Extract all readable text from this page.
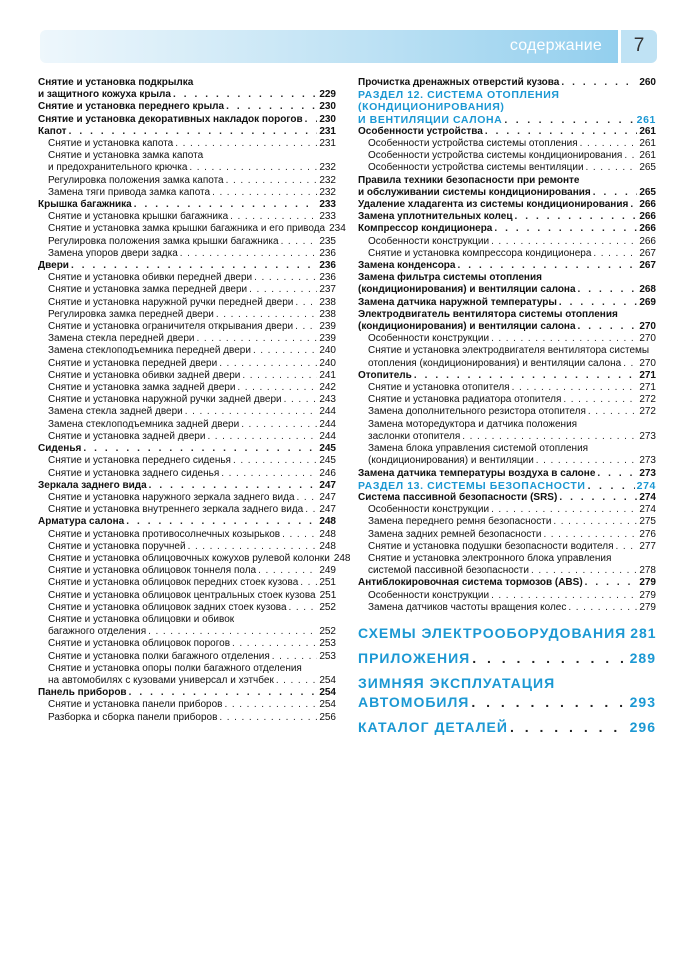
содержание	7
Снятие и установка подкрылка
и защитного кожуха крыла . . .	229
Снятие и установка переднего крыла . . .	230
Снятие и установка декоративных накладок порогов . . . 230
Капот . . .	231
Снятие и установка капота . . .	231
Снятие и установка замка капота
и предохранительного крючка . . .	232
Регулировка положения замка капота . . .	232
Замена тяги привода замка капота . . .	232
Крышка багажника . . .	233
Снятие и установка крышки багажника . . .	233
Снятие и установка замка крышки багажника и его привода 234
Регулировка положения замка крышки багажника . . .	235
Замена упоров двери задка . . .	236
Двери . . .	236
Снятие и установка обивки передней двери . . .	236
Снятие и установка замка передней двери . . .	237
Снятие и установка наружной ручки передней двери . . .	238
Регулировка замка передней двери . . .	238
Снятие и установка ограничителя открывания двери . . .	239
Замена стекла передней двери . . .	239
Замена стеклоподъемника передней двери . . .	240
Снятие и установка передней двери . . .	240
Снятие и установка обивки задней двери . . .	241
Снятие и установка замка задней двери . . .	242
Снятие и установка наружной ручки задней двери . . .	243
Замена стекла задней двери . . .	244
Замена стеклоподъемника задней двери . . .	244
Снятие и установка задней двери . . .	244
Сиденья . . .	245
Снятие и установка переднего сиденья . . .	245
Снятие и установка заднего сиденья . . .	246
Зеркала заднего вида . . .	247
Снятие и установка наружного зеркала заднего вида . . . 247
Снятие и установка внутреннего зеркала заднего вида . . . 247
Арматура салона . . .	248
Снятие и установка противосолнечных козырьков . . .	248
Снятие и установка поручней . . .	248
Снятие и установка облицовочных кожухов рулевой колонки 248
Снятие и установка облицовок тоннеля пола . . .	249
Снятие и установка облицовок передних стоек кузова . . . 251
Снятие и установка облицовок центральных стоек кузова 251
Снятие и установка облицовок задних стоек кузова . . .	252
Снятие и установка облицовки и обивок
багажного отделения . . .	252
Снятие и установка облицовок порогов . . .	253
Снятие и установка полки багажного отделения . . .	253
Снятие и установка опоры полки багажного отделения
на автомобилях с кузовами универсал и хэтчбек . . .	254
Панель приборов . . .	254
Снятие и установка панели приборов . . .	254
Разборка и сборка панели приборов . . .	256
Прочистка дренажных отверстий кузова . . .	260
РАЗДЕЛ 12. СИСТЕМА ОТОПЛЕНИЯ
(КОНДИЦИОНИРОВАНИЯ)
И ВЕНТИЛЯЦИИ САЛОНА . . .	261
Особенности устройства . . .	261
Особенности устройства системы отопления . . .	261
Особенности устройства системы кондиционирования . . . 261
Особенности устройства системы вентиляции . . .	265
Правила техники безопасности при ремонте
и обслуживании системы кондиционирования . . .	265
Удаление хладагента из системы кондиционирования . . . 266
Замена уплотнительных колец . . .	266
Компрессор кондиционера . . .	266
Особенности конструкции . . .	266
Снятие и установка компрессора кондиционера . . .	267
Замена конденсора . . .	267
Замена фильтра системы отопления
(кондиционирования) и вентиляции салона . . .	268
Замена датчика наружной температуры . . .	269
Электродвигатель вентилятора системы отопления
(кондиционирования) и вентиляции салона . . .	270
Особенности конструкции . . .	270
Снятие и установка электродвигателя вентилятора системы
отопления (кондиционирования) и вентиляции салона . . . 270
Отопитель . . .	271
Снятие и установка отопителя . . .	271
Снятие и установка радиатора отопителя . . .	272
Замена дополнительного резистора отопителя . . .	272
Замена моторедуктора и датчика положения
заслонки отопителя . . .	273
Замена блока управления системой отопления
(кондиционирования) и вентиляции . . .	273
Замена датчика температуры воздуха в салоне . . .	273
РАЗДЕЛ 13. СИСТЕМЫ БЕЗОПАСНОСТИ . . .	274
Система пассивной безопасности (SRS) . . .	274
Особенности конструкции . . .	274
Замена переднего ремня безопасности . . .	275
Замена задних ремней безопасности . . .	276
Снятие и установка подушки безопасности водителя . . .	277
Снятие и установка электронного блока управления
системой пассивной безопасности . . .	278
Антиблокировочная система тормозов (ABS) . . .	279
Особенности конструкции . . .	279
Замена датчиков частоты вращения колес . . .	279
СХЕМЫ ЭЛЕКТРООБОРУДОВАНИЯ 281
ПРИЛОЖЕНИЯ . . .	289
ЗИМНЯЯ ЭКСПЛУАТАЦИЯ
АВТОМОБИЛЯ . . .	293
КАТАЛОГ ДЕТАЛЕЙ . . .	296
